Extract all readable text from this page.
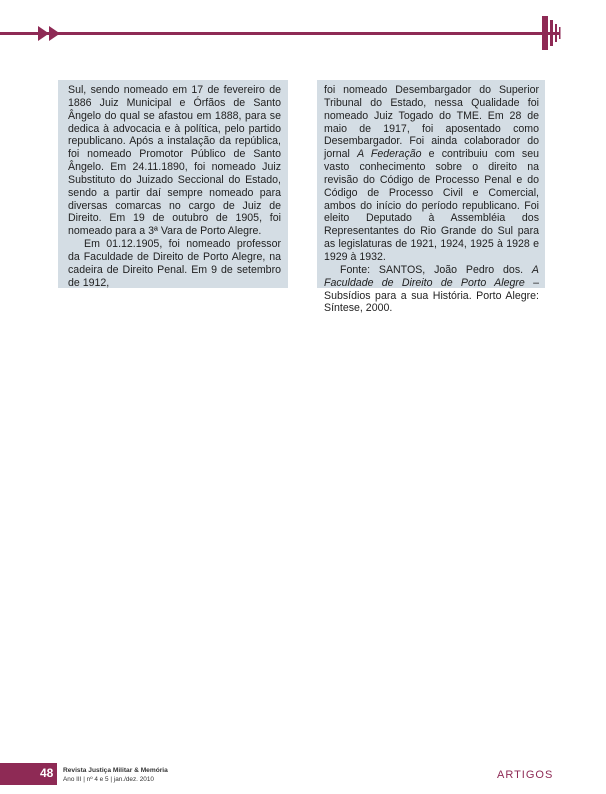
Sul, sendo nomeado em 17 de fevereiro de 1886 Juiz Municipal e Órfãos de Santo Ângelo do qual se afastou em 1888, para se dedica à advocacia e à política, pelo partido republicano. Após a instalação da república, foi nomeado Promotor Público de Santo Ângelo. Em 24.11.1890, foi nomeado Juiz Substituto do Juizado Seccional do Estado, sendo a partir daí sempre nomeado para diversas comarcas no cargo de Juiz de Direito. Em 19 de outubro de 1905, foi nomeado para a 3ª Vara de Porto Alegre.

Em 01.12.1905, foi nomeado professor da Faculdade de Direito de Porto Alegre, na cadeira de Direito Penal. Em 9 de setembro de 1912,

foi nomeado Desembargador do Superior Tribunal do Estado, nessa Qualidade foi nomeado Juiz Togado do TME. Em 28 de maio de 1917, foi aposentado como Desembargador. Foi ainda colaborador do jornal A Federação e contribuiu com seu vasto conhecimento sobre o direito na revisão do Código de Processo Penal e do Código de Processo Civil e Comercial, ambos do início do período republicano. Foi eleito Deputado à Assembléia dos Representantes do Rio Grande do Sul para as legislaturas de 1921, 1924, 1925 à 1928 e 1929 à 1932.

Fonte: SANTOS, João Pedro dos. A Faculdade de Direito de Porto Alegre – Subsídios para a sua História. Porto Alegre: Síntese, 2000.

48 Revista Justiça Militar & Memória
Ano III | nº 4 e 5 | jan./dez. 2010	ARTIGOS
